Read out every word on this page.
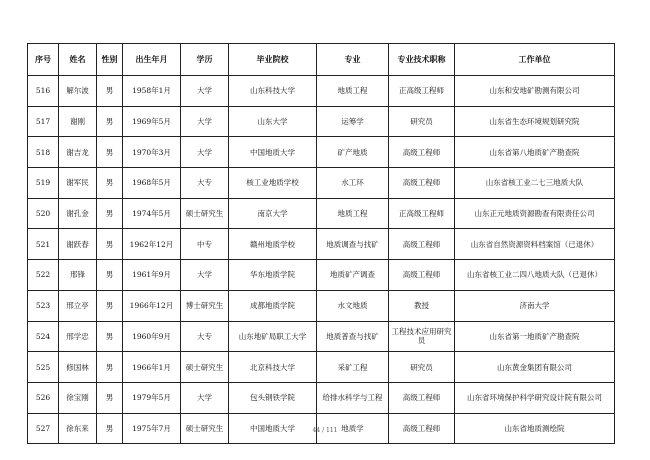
序号	姓名	性别	出生年月	学历	毕业院校	专业	专业技术职称	工作单位
516	解尔波	男	1958年1月	大学	山东科技大学	地质工程	正高级工程师	山东和安地矿勘测有限公司
517	谢刚	男	1969年5月	大学	山东大学	运筹学	研究员	山东省生态环境规划研究院
518	谢吉龙	男	1970年3月	大学	中国地质大学	矿产地质	高级工程师	山东省第八地质矿产勘查院
519	谢军民	男	1968年5月	大专	核工业地质学校	水工环	高级工程师	山东省核工业二七三地质大队
520	谢孔金	男	1974年5月	硕士研究生	南京大学	地质工程	正高级工程师	山东正元地质资源勘查有限责任公司
521	谢跃春	男	1962年12月	中专	赣州地质学校	地质调查与找矿	高级工程师	山东省自然资源资料档案馆（已退休）
522	邢锋	男	1961年9月	大学	华东地质学院	地质矿产调查	高级工程师	山东省核工业二四八地质大队（已退休）
523	邢立亭	男	1966年12月	博士研究生	成都地质学院	水文地质	教授	济南大学
524	邢学忠	男	1960年9月	大专	山东地矿局职工大学	地质普查与找矿	工程技术应用研究员	山东省第一地质矿产勘查院
525	修国林	男	1966年1月	硕士研究生	北京科技大学	采矿工程	研究员	山东黄金集团有限公司
526	徐宝刚	男	1979年5月	大学	包头钢铁学院	给排水科学与工程	高级工程师	山东省环境保护科学研究设计院有限公司
527	徐东来	男	1975年7月	硕士研究生	中国地质大学	地质学	高级工程师	山东省地质测绘院
44 / 111
